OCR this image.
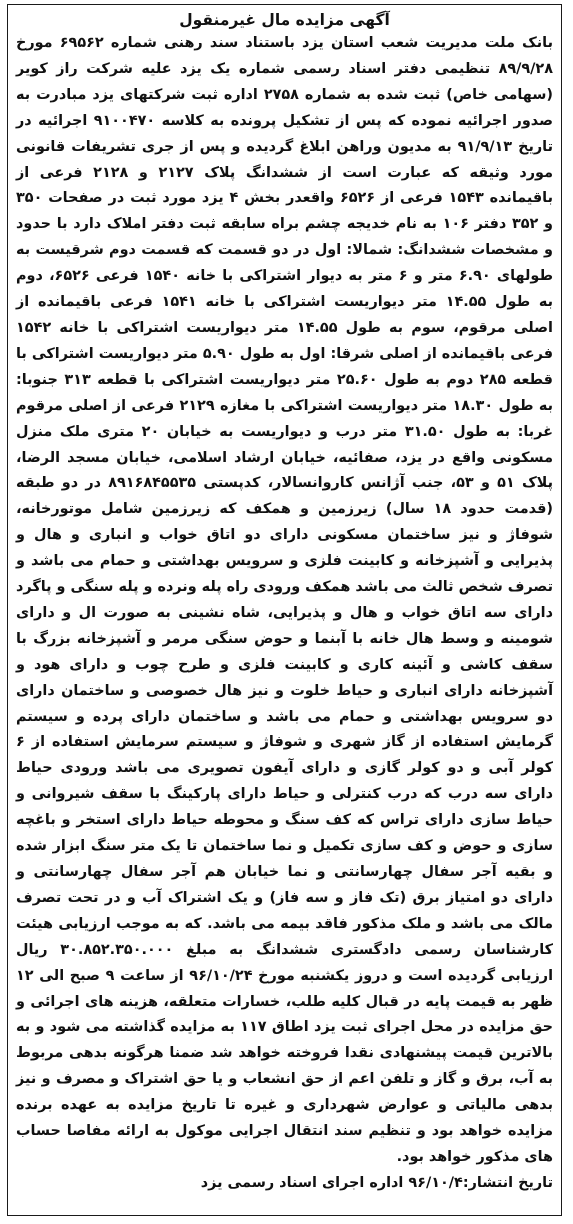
آگهی مزایده مال غیرمنقول

بانک ملت مدیریت شعب استان یزد باستناد سند رهنی شماره ۶۹۵۶۲ مورخ ۸۹/۹/۲۸ تنظیمی دفتر اسناد رسمی شماره یک یزد علیه شرکت راز کویر (سهامی خاص) ثبت شده به شماره ۲۷۵۸ اداره ثبت شرکتهای یزد مبادرت به صدور اجرائیه نموده که پس از تشکیل پرونده به کلاسه ۹۱۰۰۴۷۰ اجرائیه در تاریخ ۹۱/۹/۱۳ به مدیون وراهن ابلاغ گردیده و پس از جری تشریفات قانونی مورد وثیقه که عبارت است از ششدانگ پلاک ۲۱۲۷ و ۲۱۲۸ فرعی از باقیمانده ۱۵۴۳ فرعی از ۶۵۲۶ واقعدر بخش ۴ یزد مورد ثبت در صفحات ۳۵۰ و ۳۵۲ دفتر ۱۰۶ به نام خدیجه چشم براه سابقه ثبت دفتر املاک دارد با حدود و مشخصات ششدانگ: شمالا: اول در دو قسمت که قسمت دوم شرقیست به طولهای ۶.۹۰ متر و ۶ متر به دیوار اشتراکی با خانه ۱۵۴۰ فرعی ۶۵۲۶، دوم به طول ۱۴.۵۵ متر دیواریست اشتراکی با خانه ۱۵۴۱ فرعی باقیمانده از اصلی مرقوم، سوم به طول ۱۴.۵۵ متر دیواریست اشتراکی با خانه ۱۵۴۲ فرعی باقیمانده از اصلی شرقا: اول به طول ۵.۹۰ متر دیواریست اشتراکی با قطعه ۲۸۵ دوم به طول ۲۵.۶۰ متر دیواریست اشتراکی با قطعه ۳۱۳ جنوبا: به طول ۱۸.۳۰ متر دیواریست اشتراکی با مغازه ۲۱۲۹ فرعی از اصلی مرقوم غربا: به طول ۳۱.۵۰ متر درب و دیواریست به خیابان ۲۰ متری ملک منزل مسکونی واقع در یزد، صفائیه، خیابان ارشاد اسلامی، خیابان مسجد الرضا، پلاک ۵۱ و ۵۳، جنب آژانس کاروانسالار، کدپستی ۸۹۱۶۸۴۵۵۳۵ در دو طبقه (قدمت حدود ۱۸ سال) زیرزمین و همکف که زیرزمین شامل موتورخانه، شوفاژ و نیز ساختمان مسکونی دارای دو اتاق خواب و انباری و هال و پذیرایی و آشپزخانه و کابینت فلزی و سرویس بهداشتی و حمام می باشد و تصرف شخص ثالث می باشد همکف ورودی راه پله ونرده و پله سنگی و پاگرد دارای سه اتاق خواب و هال و پذیرایی، شاه نشینی به صورت ال و دارای شومینه و وسط هال خانه با آبنما و حوض سنگی مرمر و آشپزخانه بزرگ با سقف کاشی و آئینه کاری و کابینت فلزی و طرح چوب و دارای هود و آشپزخانه دارای انباری و حیاط خلوت و نیز هال خصوصی و ساختمان دارای دو سرویس بهداشتی و حمام می باشد و ساختمان دارای پرده و سیستم گرمایش استفاده از گاز شهری و شوفاژ و سیستم سرمایش استفاده از ۶ کولر آبی و دو کولر گازی و دارای آیفون تصویری می باشد ورودی حیاط دارای سه درب که درب کنترلی و حیاط دارای پارکینگ با سقف شیروانی و حیاط سازی دارای تراس که کف سنگ و محوطه حیاط دارای استخر و باغچه سازی و حوض و کف سازی تکمیل و نما ساختمان تا یک متر سنگ ابزار شده و بقیه آجر سفال چهارسانتی و نما خیابان هم آجر سفال چهارسانتی و دارای دو امتیاز برق (تک فاز و سه فاز) و یک اشتراک آب و در تحت تصرف مالک می باشد و ملک مذکور فاقد بیمه می باشد. که به موجب ارزیابی هیئت کارشناسان رسمی دادگستری ششدانگ به مبلغ ۳۰.۸۵۲.۳۵۰.۰۰۰ ریال ارزیابی گردیده است و دروز یکشنبه مورخ ۹۶/۱۰/۲۴ از ساعت ۹ صبح الی ۱۲ ظهر به قیمت پایه در قبال کلیه طلب، خسارات متعلقه، هزینه های اجرائی و حق مزایده در محل اجرای ثبت یزد اطاق ۱۱۷ به مزایده گذاشته می شود و به بالاترین قیمت پیشنهادی نقدا فروخته خواهد شد ضمنا هرگونه بدهی مربوط به آب، برق و گاز و تلفن اعم از حق انشعاب و یا حق اشتراک و مصرف و نیز بدهی مالیاتی و عوارض شهرداری و غیره تا تاریخ مزایده به عهده برنده مزایده خواهد بود و تنظیم سند انتقال اجرایی موکول به ارائه مفاصا حساب های مذکور خواهد بود.

تاریخ انتشار:۹۶/۱۰/۴ اداره اجرای اسناد رسمی یزد
